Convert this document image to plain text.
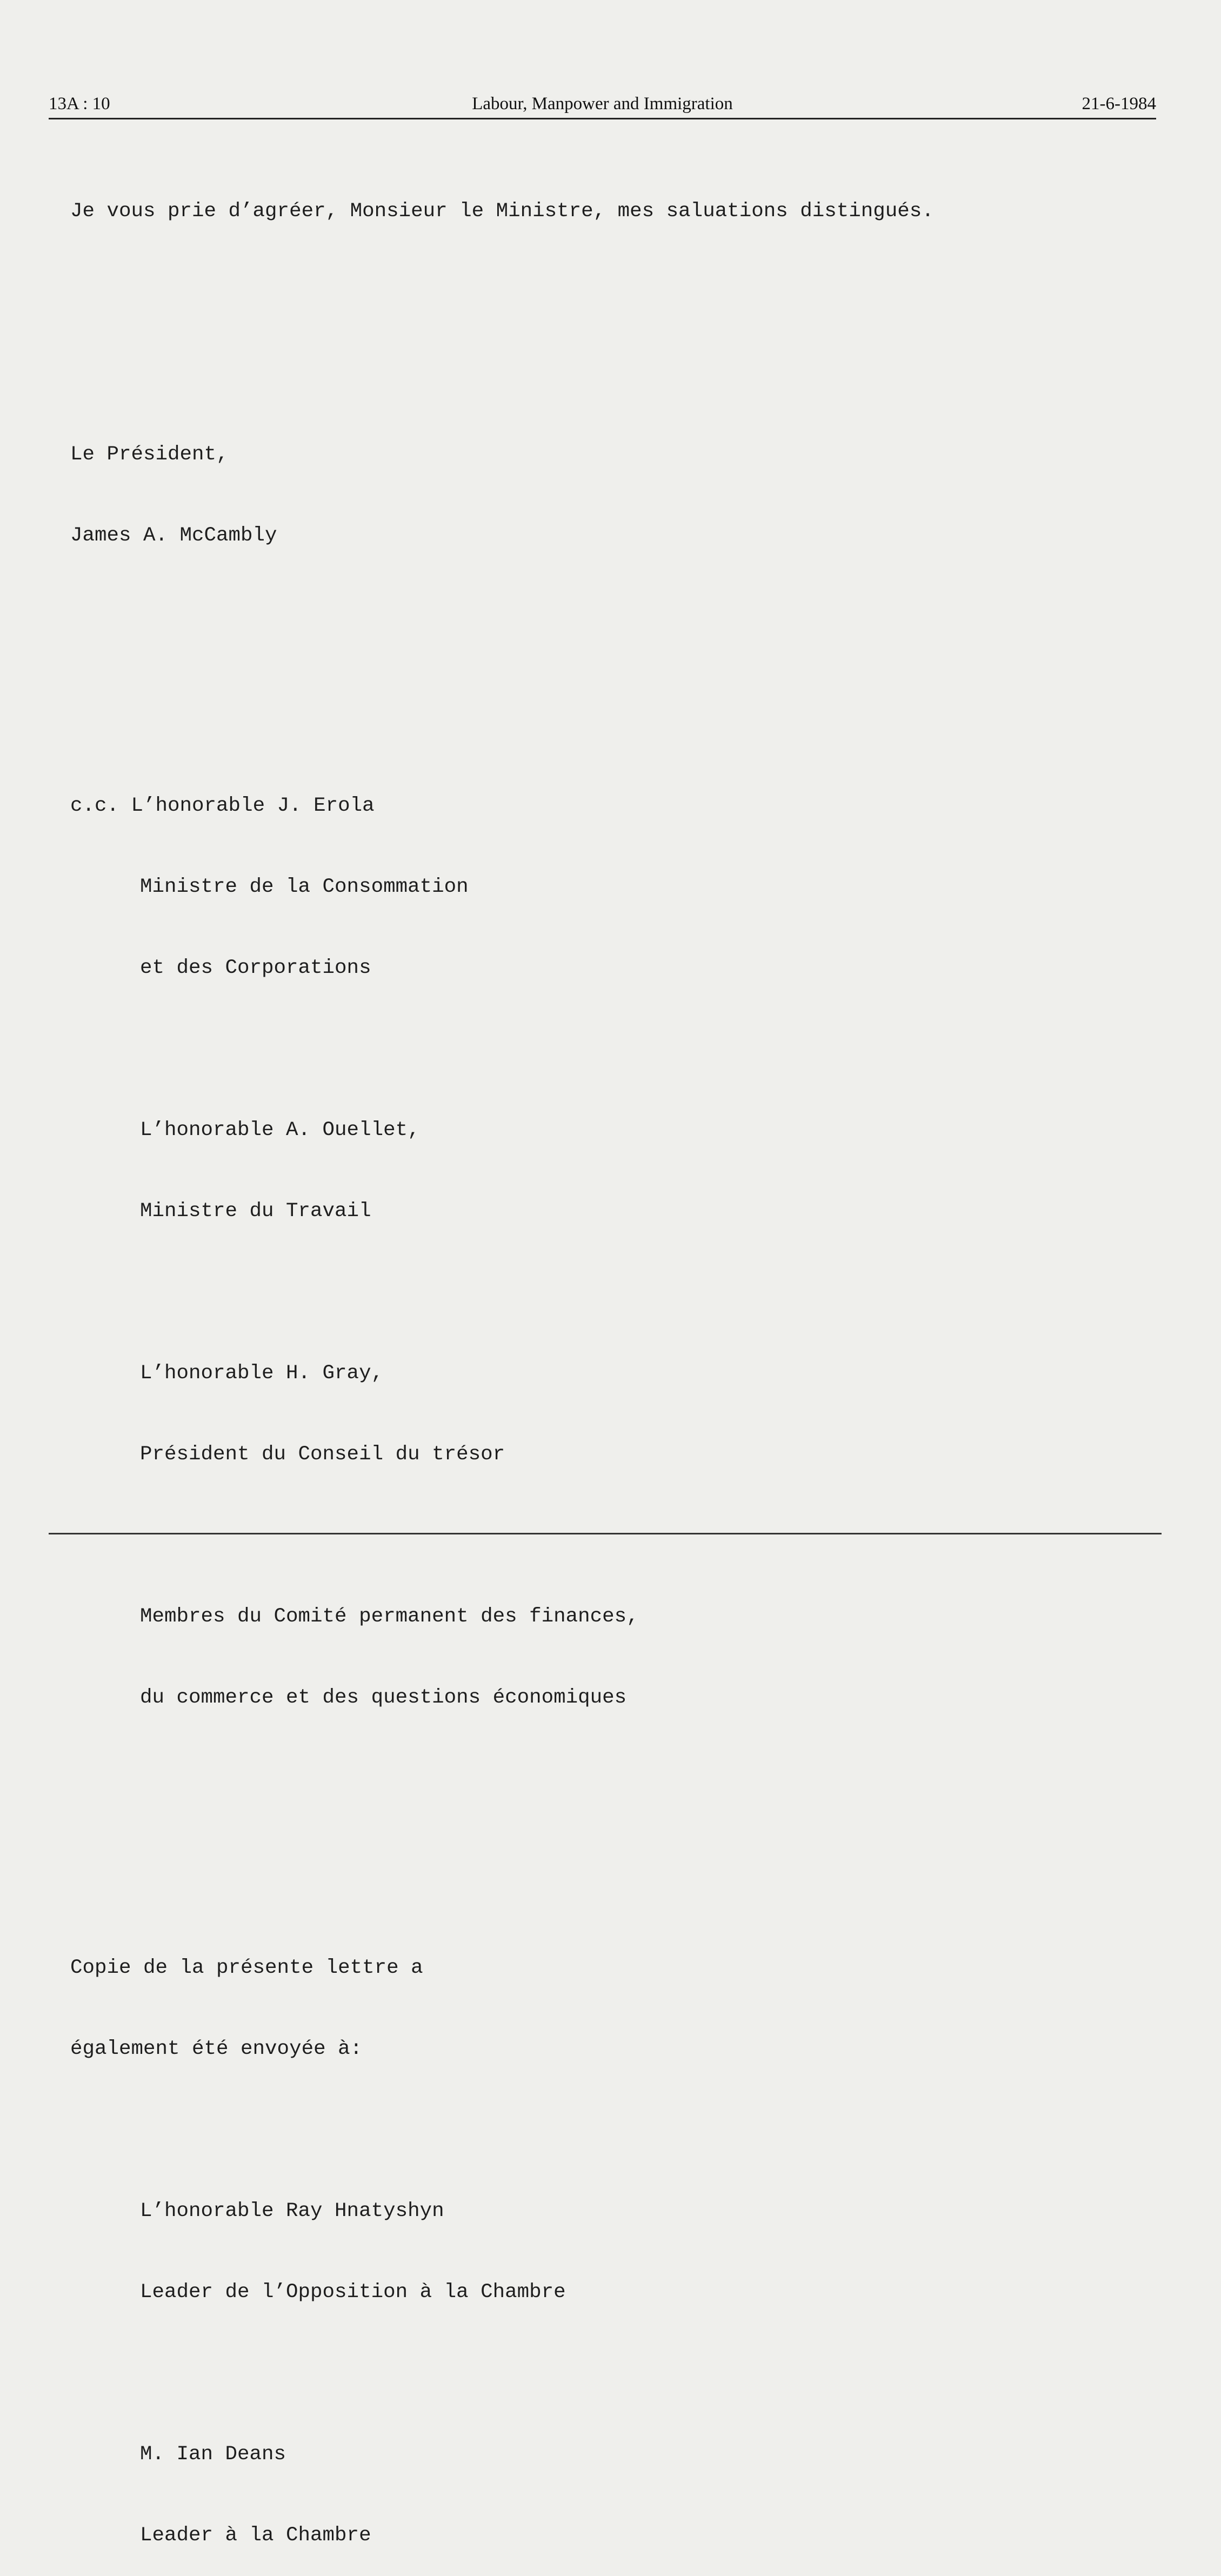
13A : 10	Labour, Manpower and Immigration	21-6-1984

Je vous prie d’agréer, Monsieur le Ministre, mes saluations distingués.

Le Président,

James A. McCambly

c.c. L’honorable J. Erola

Ministre de la Consommation

et des Corporations

L’honorable A. Ouellet,

Ministre du Travail

L’honorable H. Gray,

Président du Conseil du trésor

Membres du Comité permanent des finances,

du commerce et des questions économiques

Copie de la présente lettre a

également été envoyée à:

L’honorable Ray Hnatyshyn

Leader de l’Opposition à la Chambre

M. Ian Deans

Leader à la Chambre
